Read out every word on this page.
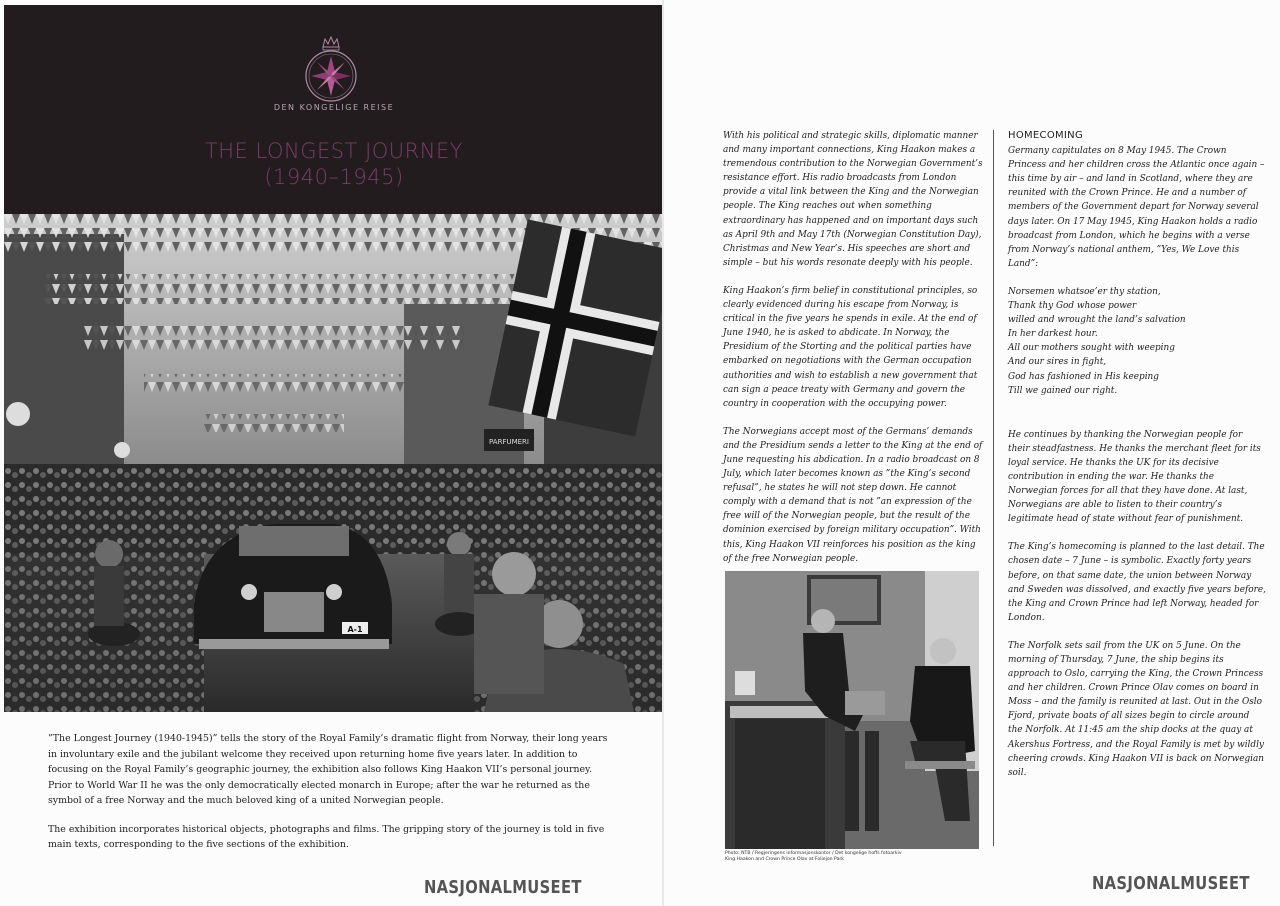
DEN KONGELIGE REISE
THE LONGEST JOURNEY
(1940–1945)
PARFUMERI
A-1

”The Longest Journey (1940-1945)” tells the story of the Royal Family’s dramatic flight from Norway, their long years in involuntary exile and the jubilant welcome they received upon returning home five years later. In addition to focusing on the Royal Family’s geographic journey, the exhibition also follows King Haakon VII’s personal journey. Prior to World War II he was the only democratically elected monarch in Europe; after the war he returned as the symbol of a free Norway and the much beloved king of a united Norwegian people.

The exhibition incorporates historical objects, photographs and films. The gripping story of the journey is told in five main texts, corresponding to the five sections of the exhibition.

NASJONALMUSEET

With his political and strategic skills, diplomatic manner and many important connections, King Haakon makes a tremendous contribution to the Norwegian Government’s resistance effort. His radio broadcasts from London provide a vital link between the King and the Norwegian people. The King reaches out when something extraordinary has happened and on important days such as April 9th and May 17th (Norwegian Constitution Day), Christmas and New Year’s. His speeches are short and simple – but his words resonate deeply with his people.

King Haakon’s firm belief in constitutional principles, so clearly evidenced during his escape from Norway, is critical in the five years he spends in exile. At the end of June 1940, he is asked to abdicate. In Norway, the Presidium of the Storting and the political parties have embarked on negotiations with the German occupation authorities and wish to establish a new government that can sign a peace treaty with Germany and govern the country in cooperation with the occupying power.

The Norwegians accept most of the Germans’ demands and the Presidium sends a letter to the King at the end of June requesting his abdication. In a radio broadcast on 8 July, which later becomes known as ”the King’s second refusal”, he states he will not step down. He cannot comply with a demand that is not ”an expression of the free will of the Norwegian people, but the result of the dominion exercised by foreign military occupation”. With this, King Haakon VII reinforces his position as the king of the free Norwegian people.

Photo: NTB / Regjeringens informasjonskontor / Det kongelige hoffs fotoarkiv
King Haakon and Crown Prince Olav at Foliejon Park
HOMECOMING

Germany capitulates on 8 May 1945. The Crown Princess and her children cross the Atlantic once again – this time by air – and land in Scotland, where they are reunited with the Crown Prince. He and a number of members of the Government depart for Norway several days later. On 17 May 1945, King Haakon holds a radio broadcast from London, which he begins with a verse from Norway’s national anthem, ”Yes, We Love this Land”:

Norsemen whatsoe’er thy station,
Thank thy God whose power
willed and wrought the land’s salvation
In her darkest hour.
All our mothers sought with weeping
And our sires in fight,
God has fashioned in His keeping
Till we gained our right.

He continues by thanking the Norwegian people for their steadfastness. He thanks the merchant fleet for its loyal service. He thanks the UK for its decisive contribution in ending the war. He thanks the Norwegian forces for all that they have done. At last, Norwegians are able to listen to their country’s legitimate head of state without fear of punishment.

The King’s homecoming is planned to the last detail. The chosen date – 7 June – is symbolic. Exactly forty years before, on that same date, the union between Norway and Sweden was dissolved, and exactly five years before, the King and Crown Prince had left Norway, headed for London.

The Norfolk sets sail from the UK on 5 June. On the morning of Thursday, 7 June, the ship begins its approach to Oslo, carrying the King, the Crown Princess and her children. Crown Prince Olav comes on board in Moss – and the family is reunited at last. Out in the Oslo Fjord, private boats of all sizes begin to circle around the Norfolk. At 11:45 am the ship docks at the quay at Akershus Fortress, and the Royal Family is met by wildly cheering crowds. King Haakon VII is back on Norwegian soil.

NASJONALMUSEET
